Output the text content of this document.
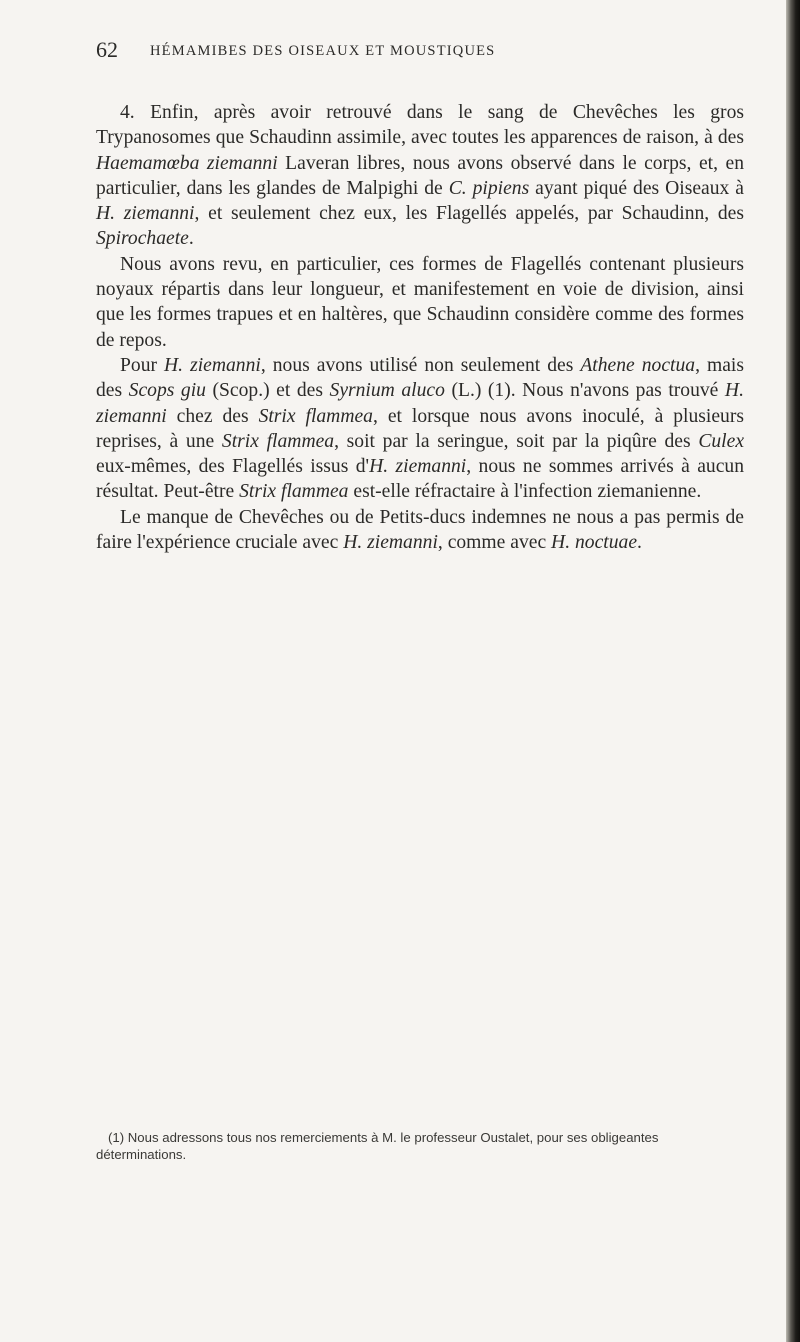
62 HÉMAMIBES DES OISEAUX ET MOUSTIQUES

4. Enfin, après avoir retrouvé dans le sang de Chevêches les gros Trypanosomes que Schaudinn assimile, avec toutes les apparences de raison, à des Haemamœba ziemanni Laveran libres, nous avons observé dans le corps, et, en particulier, dans les glandes de Malpighi de C. pipiens ayant piqué des Oiseaux à H. ziemanni, et seulement chez eux, les Flagellés appelés, par Schaudinn, des Spirochaete.

Nous avons revu, en particulier, ces formes de Flagellés contenant plusieurs noyaux répartis dans leur longueur, et manifestement en voie de division, ainsi que les formes trapues et en haltères, que Schaudinn considère comme des formes de repos.

Pour H. ziemanni, nous avons utilisé non seulement des Athene noctua, mais des Scops giu (Scop.) et des Syrnium aluco (L.) (1). Nous n'avons pas trouvé H. ziemanni chez des Strix flammea, et lorsque nous avons inoculé, à plusieurs reprises, à une Strix flammea, soit par la seringue, soit par la piqûre des Culex eux-mêmes, des Flagellés issus d'H. ziemanni, nous ne sommes arrivés à aucun résultat. Peut-être Strix flammea est-elle réfractaire à l'infection ziemanienne.

Le manque de Chevêches ou de Petits-ducs indemnes ne nous a pas permis de faire l'expérience cruciale avec H. ziemanni, comme avec H. noctuae.

(1) Nous adressons tous nos remerciements à M. le professeur Oustalet, pour ses obligeantes déterminations.
